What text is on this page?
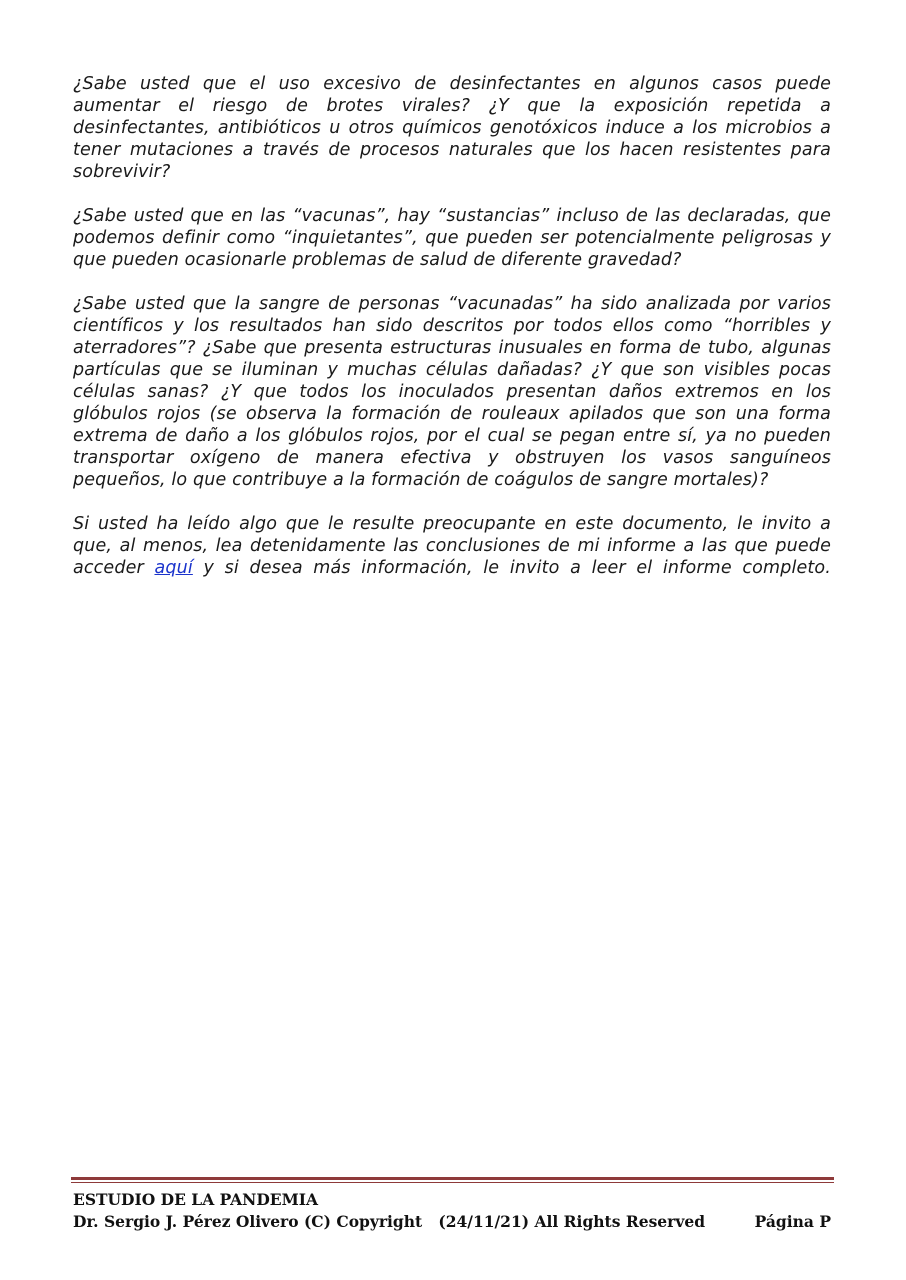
¿Sabe usted que el uso excesivo de desinfectantes en algunos casos puede aumentar el riesgo de brotes virales? ¿Y que la exposición repetida a desinfectantes, antibióticos u otros químicos genotóxicos induce a los microbios a tener mutaciones a través de procesos naturales que los hacen resistentes para sobrevivir?

¿Sabe usted que en las “vacunas”, hay “sustancias” incluso de las declaradas, que podemos definir como “inquietantes”, que pueden ser potencialmente peligrosas y que pueden ocasionarle problemas de salud de diferente gravedad?

¿Sabe usted que la sangre de personas “vacunadas” ha sido analizada por varios científicos y los resultados han sido descritos por todos ellos como “horribles y aterradores”? ¿Sabe que presenta estructuras inusuales en forma de tubo, algunas partículas que se iluminan y muchas células dañadas? ¿Y que son visibles pocas células sanas? ¿Y que todos los inoculados presentan daños extremos en los glóbulos rojos (se observa la formación de rouleaux apilados que son una forma extrema de daño a los glóbulos rojos, por el cual se pegan entre sí, ya no pueden transportar oxígeno de manera efectiva y obstruyen los vasos sanguíneos pequeños, lo que contribuye a la formación de coágulos de sangre mortales)?

Si usted ha leído algo que le resulte preocupante en este documento, le invito a que, al menos, lea detenidamente las conclusiones de mi informe a las que puede acceder aquí y si desea más información, le invito a leer el informe completo.

ESTUDIO DE LA PANDEMIA
Dr. Sergio J. Pérez Olivero (C) Copyright   (24/11/21) All Rights Reserved	Página P
